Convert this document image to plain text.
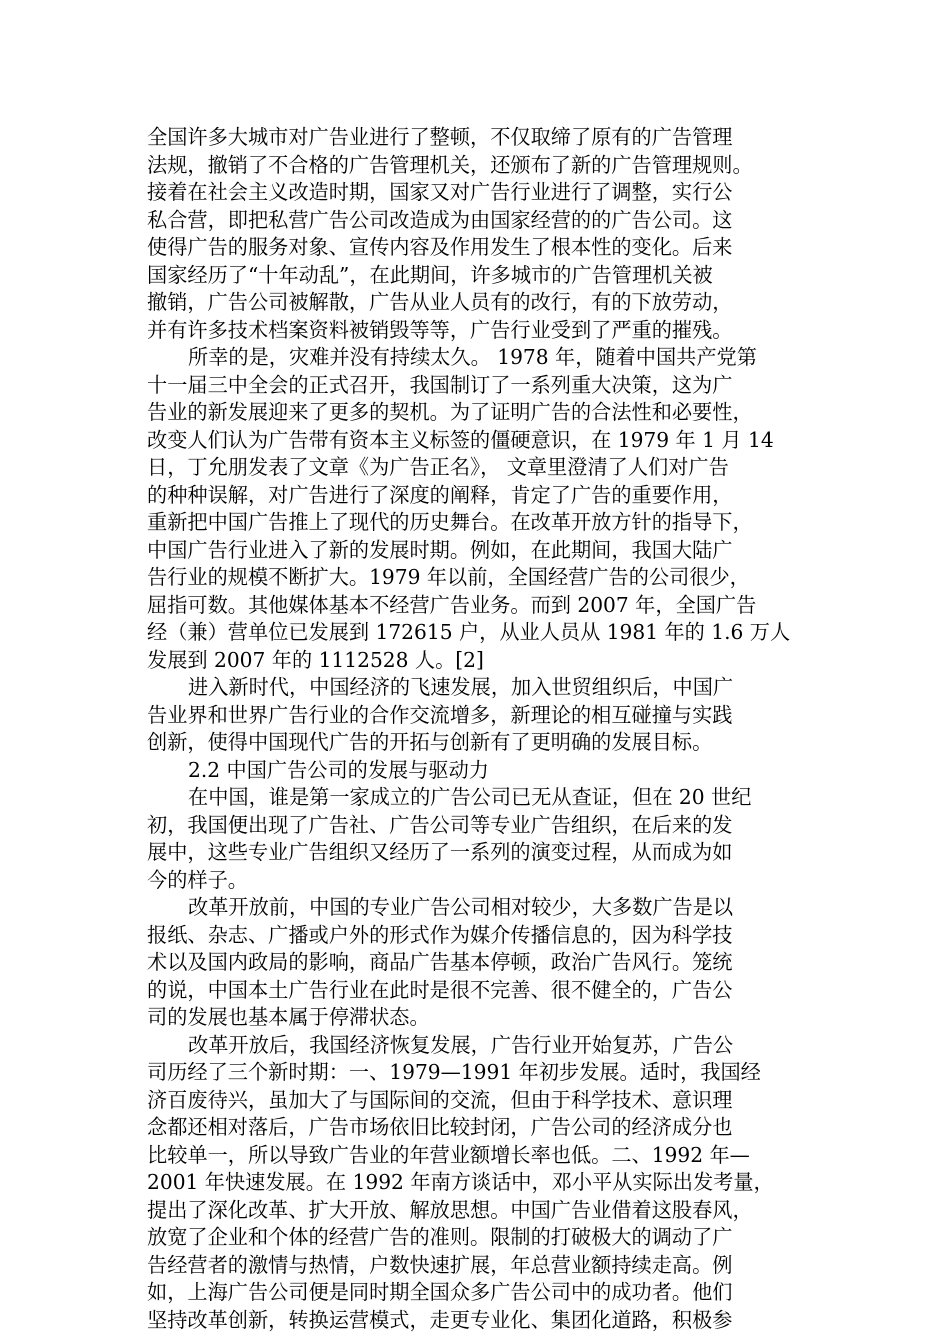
全国许多大城市对广告业进行了整顿，不仅取缔了原有的广告管理
法规，撤销了不合格的广告管理机关，还颁布了新的广告管理规则。
接着在社会主义改造时期，国家又对广告行业进行了调整，实行公
私合营，即把私营广告公司改造成为由国家经营的的广告公司。这
使得广告的服务对象、宣传内容及作用发生了根本性的变化。后来
国家经历了“十年动乱”，在此期间，许多城市的广告管理机关被
撤销，广告公司被解散，广告从业人员有的改行，有的下放劳动，
并有许多技术档案资料被销毁等等，广告行业受到了严重的摧残。
所幸的是，灾难并没有持续太久。 1978 年，随着中国共产党第
十一届三中全会的正式召开，我国制订了一系列重大决策，这为广
告业的新发展迎来了更多的契机。为了证明广告的合法性和必要性，
改变人们认为广告带有资本主义标签的僵硬意识，在 1979 年 1 月 14
日，丁允朋发表了文章《为广告正名》， 文章里澄清了人们对广告
的种种误解，对广告进行了深度的阐释，肯定了广告的重要作用，
重新把中国广告推上了现代的历史舞台。在改革开放方针的指导下，
中国广告行业进入了新的发展时期。例如，在此期间，我国大陆广
告行业的规模不断扩大。1979 年以前，全国经营广告的公司很少，
屈指可数。其他媒体基本不经营广告业务。而到 2007 年，全国广告
经（兼）营单位已发展到 172615 户，从业人员从 1981 年的 1.6 万人
发展到 2007 年的 1112528 人。[2]
进入新时代，中国经济的飞速发展，加入世贸组织后，中国广
告业界和世界广告行业的合作交流增多，新理论的相互碰撞与实践
创新，使得中国现代广告的开拓与创新有了更明确的发展目标。
2.2 中国广告公司的发展与驱动力
在中国，谁是第一家成立的广告公司已无从查证，但在 20 世纪
初，我国便出现了广告社、广告公司等专业广告组织，在后来的发
展中，这些专业广告组织又经历了一系列的演变过程，从而成为如
今的样子。
改革开放前，中国的专业广告公司相对较少，大多数广告是以
报纸、杂志、广播或户外的形式作为媒介传播信息的，因为科学技
术以及国内政局的影响，商品广告基本停顿，政治广告风行。笼统
的说，中国本土广告行业在此时是很不完善、很不健全的，广告公
司的发展也基本属于停滞状态。
改革开放后，我国经济恢复发展，广告行业开始复苏，广告公
司历经了三个新时期：一、1979—1991 年初步发展。适时，我国经
济百废待兴，虽加大了与国际间的交流，但由于科学技术、意识理
念都还相对落后，广告市场依旧比较封闭，广告公司的经济成分也
比较单一，所以导致广告业的年营业额增长率也低。二、1992 年—
2001 年快速发展。在 1992 年南方谈话中，邓小平从实际出发考量，
提出了深化改革、扩大开放、解放思想。中国广告业借着这股春风，
放宽了企业和个体的经营广告的准则。限制的打破极大的调动了广
告经营者的激情与热情，户数快速扩展，年总营业额持续走高。例
如，上海广告公司便是同时期全国众多广告公司中的成功者。他们
坚持改革创新，转换运营模式，走更专业化、集团化道路，积极参
